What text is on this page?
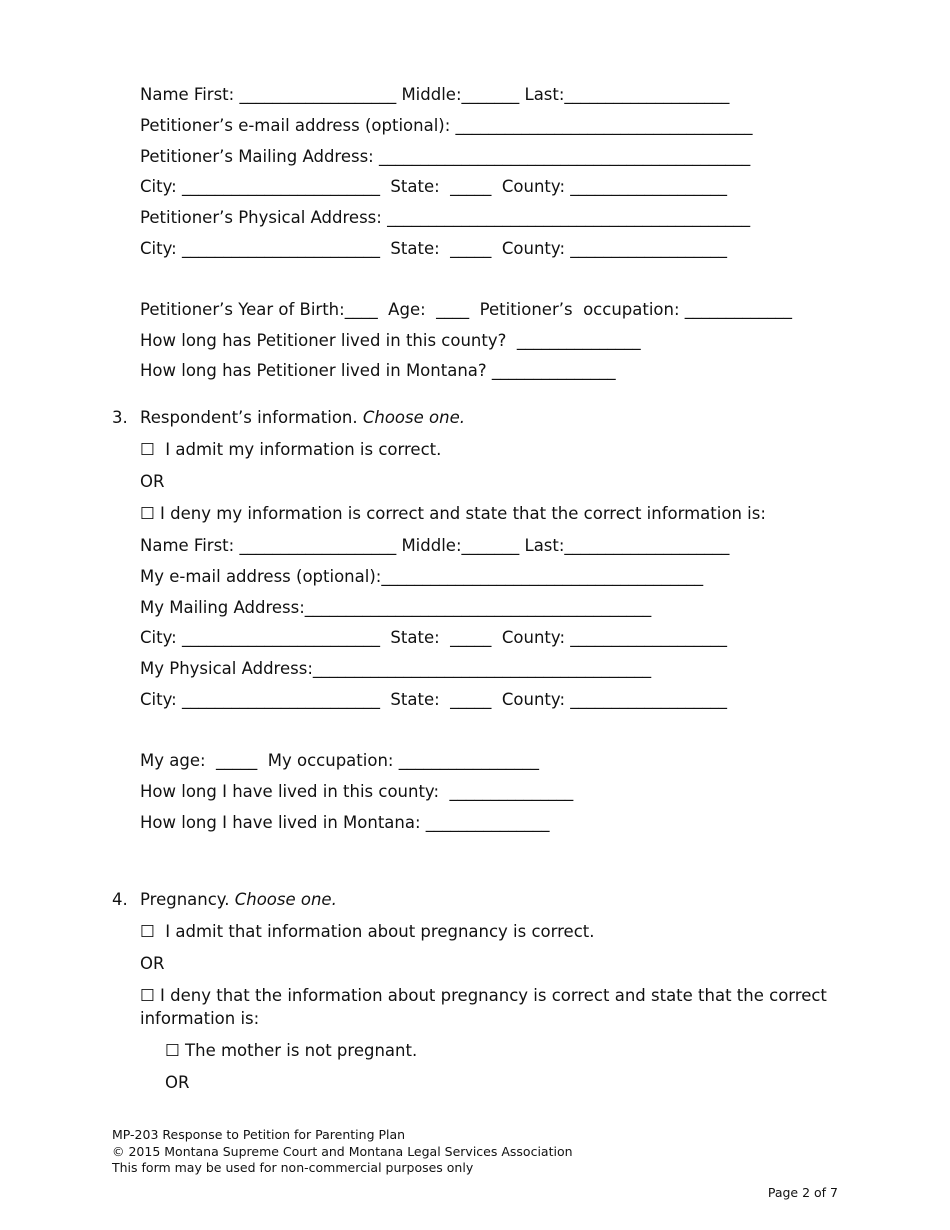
Name First: ___________________ Middle:_______ Last:____________________
Petitioner’s e-mail address (optional): ____________________________________
Petitioner’s Mailing Address: _____________________________________________
City: ________________________  State:  _____  County: ___________________
Petitioner’s Physical Address: ____________________________________________
City: ________________________  State:  _____  County: ___________________
Petitioner’s Year of Birth:____  Age:  ____  Petitioner’s  occupation: _____________
How long has Petitioner lived in this county?  _______________
How long has Petitioner lived in Montana? _______________
3. Respondent’s information. Choose one.
☐  I admit my information is correct.
OR
☐ I deny my information is correct and state that the correct information is:
Name First: ___________________ Middle:_______ Last:____________________
My e-mail address (optional):_______________________________________
My Mailing Address:__________________________________________
City: ________________________  State:  _____  County: ___________________
My Physical Address:_________________________________________
City: ________________________  State:  _____  County: ___________________
My age:  _____  My occupation: _________________
How long I have lived in this county:  _______________
How long I have lived in Montana: _______________
4. Pregnancy. Choose one.
☐  I admit that information about pregnancy is correct.
OR
☐ I deny that the information about pregnancy is correct and state that the correct information is:
☐ The mother is not pregnant.
OR
MP-203 Response to Petition for Parenting Plan
© 2015 Montana Supreme Court and Montana Legal Services Association
This form may be used for non-commercial purposes only
Page 2 of 7
